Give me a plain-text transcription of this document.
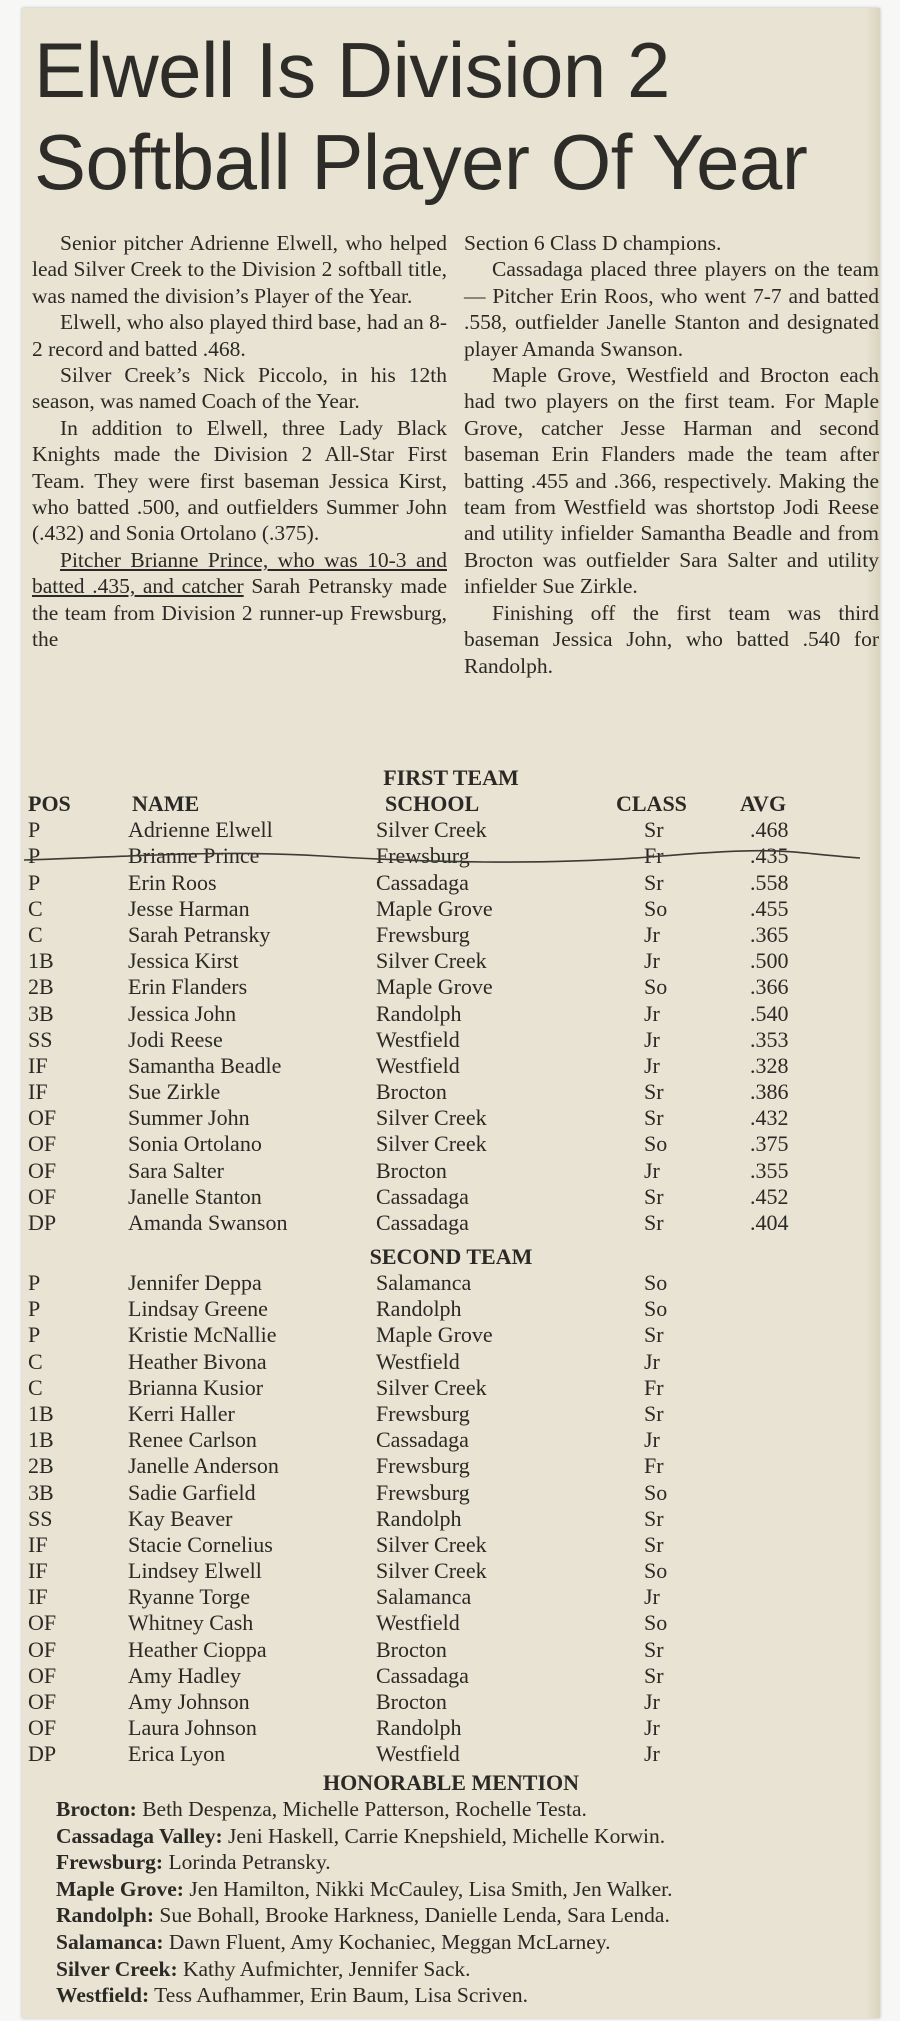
Elwell Is Division 2 Softball Player Of Year

Senior pitcher Adrienne Elwell, who helped lead Silver Creek to the Division 2 softball title, was named the division’s Player of the Year.

Elwell, who also played third base, had an 8-2 record and batted .468.

Silver Creek’s Nick Piccolo, in his 12th season, was named Coach of the Year.

In addition to Elwell, three Lady Black Knights made the Division 2 All-Star First Team. They were first baseman Jessica Kirst, who batted .500, and outfielders Summer John (.432) and Sonia Ortolano (.375).

Pitcher Brianne Prince, who was 10-3 and batted .435, and catcher Sarah Petransky made the team from Division 2 runner-up Frewsburg, the

Section 6 Class D champions.

Cassadaga placed three players on the team — Pitcher Erin Roos, who went 7-7 and batted .558, outfielder Janelle Stanton and designated player Amanda Swanson.

Maple Grove, Westfield and Brocton each had two players on the first team. For Maple Grove, catcher Jesse Harman and second baseman Erin Flanders made the team after batting .455 and .366, respectively. Making the team from Westfield was shortstop Jodi Reese and utility infielder Samantha Beadle and from Brocton was outfielder Sara Salter and utility infielder Sue Zirkle.

Finishing off the first team was third baseman Jessica John, who batted .540 for Randolph.

FIRST TEAM
POS	NAME	SCHOOL	CLASS AVG
P	Adrienne Elwell	Silver Creek	Sr	.468
P	Brianne Prince	Frewsburg	Fr	.435
P	Erin Roos	Cassadaga	Sr	.558
C	Jesse Harman	Maple Grove	So	.455
C	Sarah Petransky	Frewsburg	Jr	.365
1B	Jessica Kirst	Silver Creek	Jr	.500
2B	Erin Flanders	Maple Grove	So	.366
3B	Jessica John	Randolph	Jr	.540
SS	Jodi Reese	Westfield	Jr	.353
IF	Samantha Beadle	Westfield	Jr	.328
IF	Sue Zirkle	Brocton	Sr	.386
OF	Summer John	Silver Creek	Sr	.432
OF	Sonia Ortolano	Silver Creek	So	.375
OF	Sara Salter	Brocton	Jr	.355
OF	Janelle Stanton	Cassadaga	Sr	.452
DP	Amanda Swanson	Cassadaga	Sr	.404
SECOND TEAM
P	Jennifer Deppa	Salamanca	So
P	Lindsay Greene	Randolph	So
P	Kristie McNallie	Maple Grove	Sr
C	Heather Bivona	Westfield	Jr
C	Brianna Kusior	Silver Creek	Fr
1B	Kerri Haller	Frewsburg	Sr
1B	Renee Carlson	Cassadaga	Jr
2B	Janelle Anderson	Frewsburg	Fr
3B	Sadie Garfield	Frewsburg	So
SS	Kay Beaver	Randolph	Sr
IF	Stacie Cornelius	Silver Creek	Sr
IF	Lindsey Elwell	Silver Creek	So
IF	Ryanne Torge	Salamanca	Jr
OF	Whitney Cash	Westfield	So
OF	Heather Cioppa	Brocton	Sr
OF	Amy Hadley	Cassadaga	Sr
OF	Amy Johnson	Brocton	Jr
OF	Laura Johnson	Randolph	Jr
DP	Erica Lyon	Westfield	Jr
HONORABLE MENTION
Brocton: Beth Despenza, Michelle Patterson, Rochelle Testa.
Cassadaga Valley: Jeni Haskell, Carrie Knepshield, Michelle Korwin.
Frewsburg: Lorinda Petransky.
Maple Grove: Jen Hamilton, Nikki McCauley, Lisa Smith, Jen Walker.
Randolph: Sue Bohall, Brooke Harkness, Danielle Lenda, Sara Lenda.
Salamanca: Dawn Fluent, Amy Kochaniec, Meggan McLarney.
Silver Creek: Kathy Aufmichter, Jennifer Sack.
Westfield: Tess Aufhammer, Erin Baum, Lisa Scriven.
